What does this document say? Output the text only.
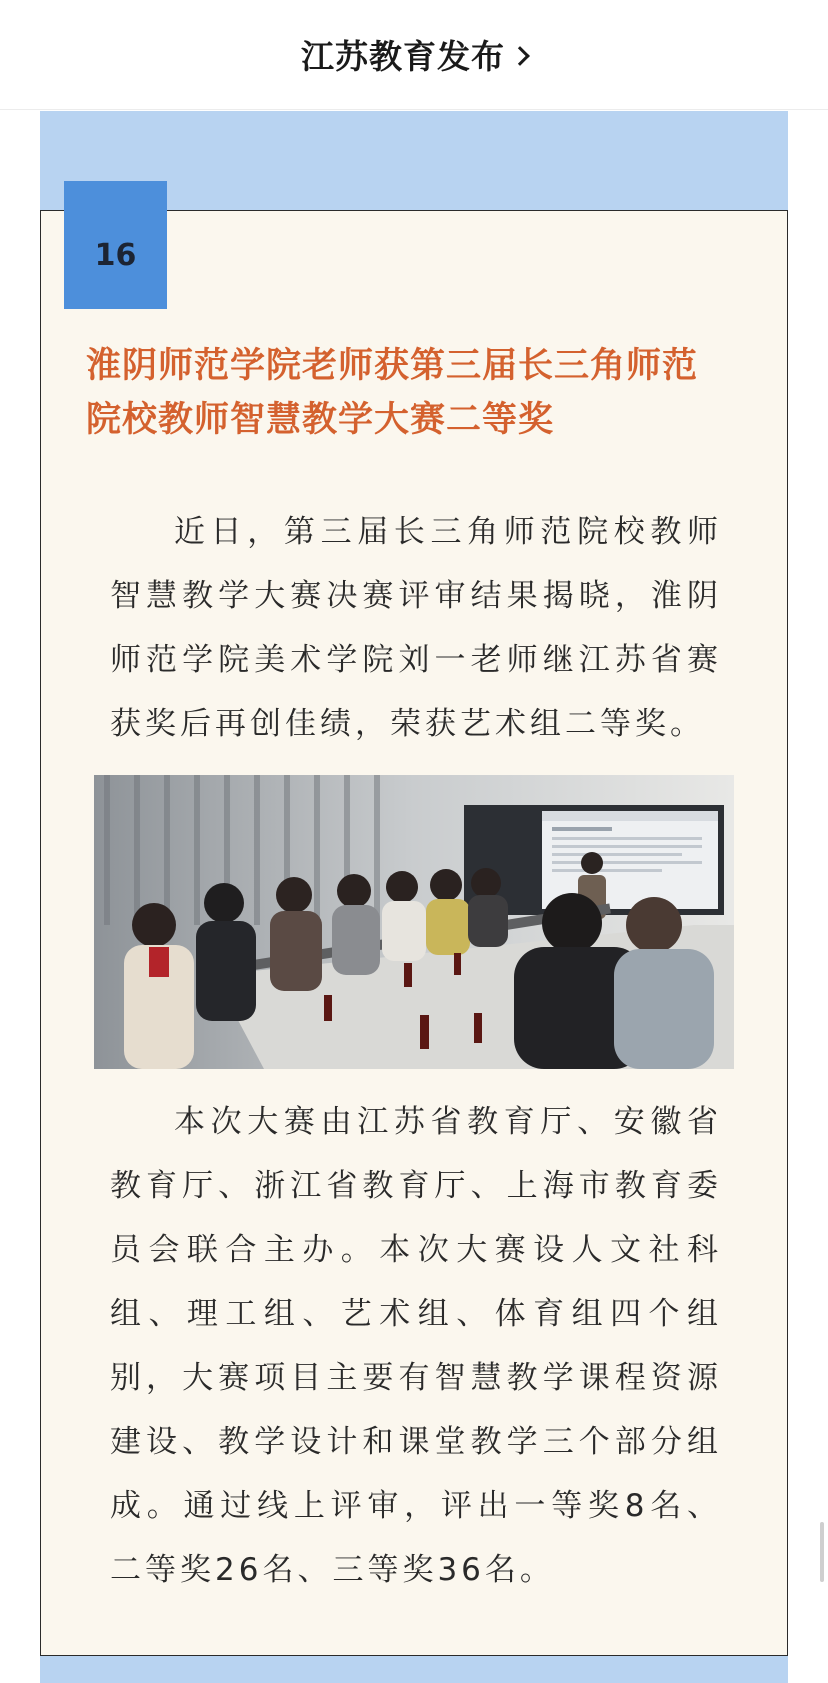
江苏教育发布
16
淮阴师范学院老师获第三届长三角师范院校教师智慧教学大赛二等奖

近日，第三届长三角师范院校教师智慧教学大赛决赛评审结果揭晓，淮阴师范学院美术学院刘一老师继江苏省赛获奖后再创佳绩，荣获艺术组二等奖。

本次大赛由江苏省教育厅、安徽省教育厅、浙江省教育厅、上海市教育委员会联合主办。本次大赛设人文社科组、理工组、艺术组、体育组四个组别，大赛项目主要有智慧教学课程资源建设、教学设计和课堂教学三个部分组成。通过线上评审，评出一等奖8名、二等奖26名、三等奖36名。
